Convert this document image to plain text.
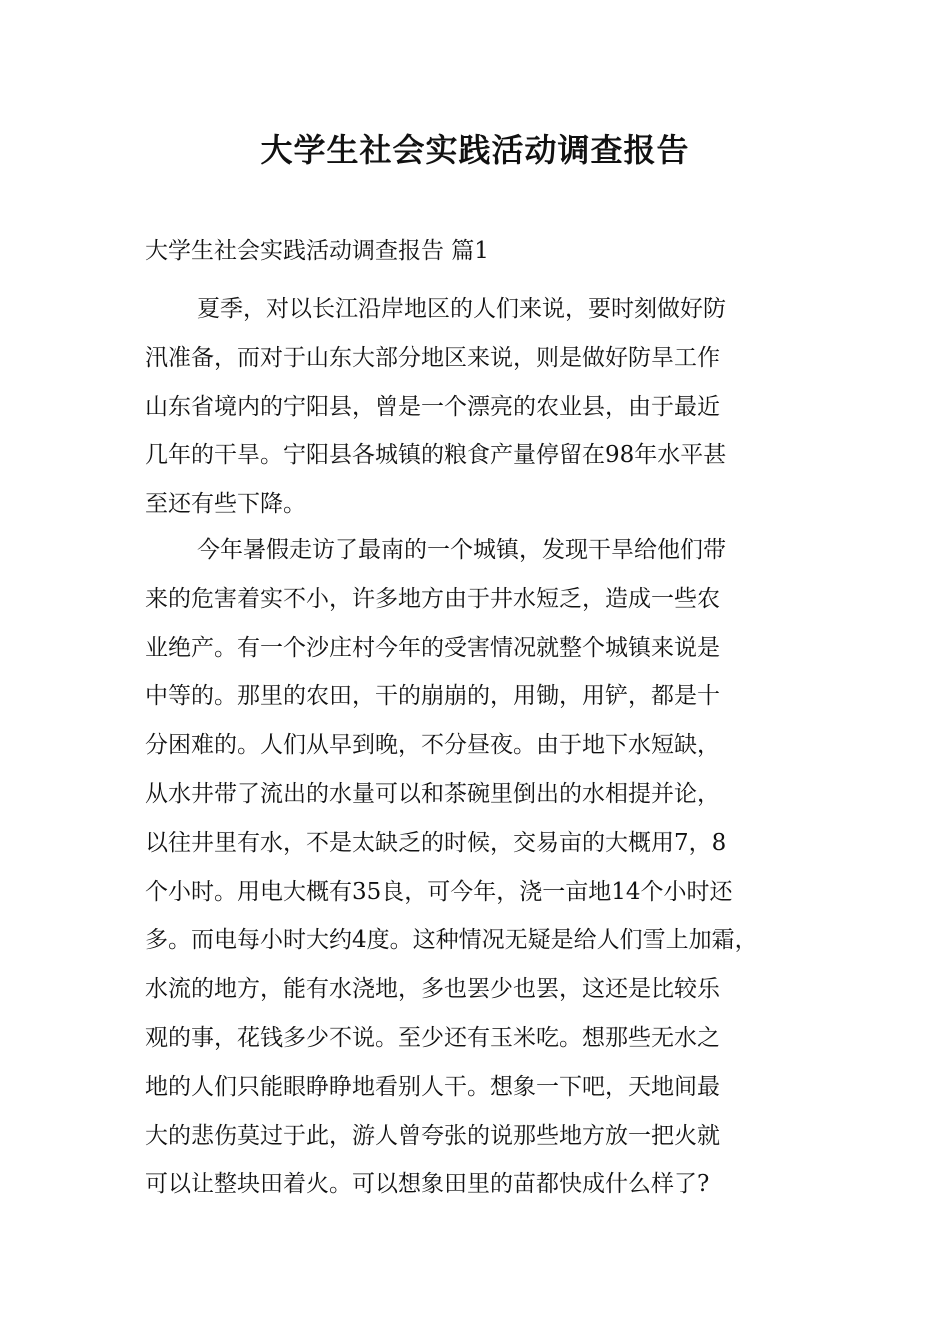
大学生社会实践活动调查报告
大学生社会实践活动调查报告 篇1
夏季，对以长江沿岸地区的人们来说，要时刻做好防
汛准备，而对于山东大部分地区来说，则是做好防旱工作
山东省境内的宁阳县，曾是一个漂亮的农业县，由于最近
几年的干旱。宁阳县各城镇的粮食产量停留在98年水平甚
至还有些下降。
今年暑假走访了最南的一个城镇，发现干旱给他们带
来的危害着实不小，许多地方由于井水短乏，造成一些农
业绝产。有一个沙庄村今年的受害情况就整个城镇来说是
中等的。那里的农田，干的崩崩的，用锄，用铲，都是十
分困难的。人们从早到晚，不分昼夜。由于地下水短缺，
从水井带了流出的水量可以和茶碗里倒出的水相提并论，
以往井里有水，不是太缺乏的时候，交易亩的大概用7，8
个小时。用电大概有35良，可今年，浇一亩地14个小时还
多。而电每小时大约4度。这种情况无疑是给人们雪上加霜，
水流的地方，能有水浇地，多也罢少也罢，这还是比较乐
观的事，花钱多少不说。至少还有玉米吃。想那些无水之
地的人们只能眼睁睁地看别人干。想象一下吧，天地间最
大的悲伤莫过于此，游人曾夸张的说那些地方放一把火就
可以让整块田着火。可以想象田里的苗都快成什么样了?
